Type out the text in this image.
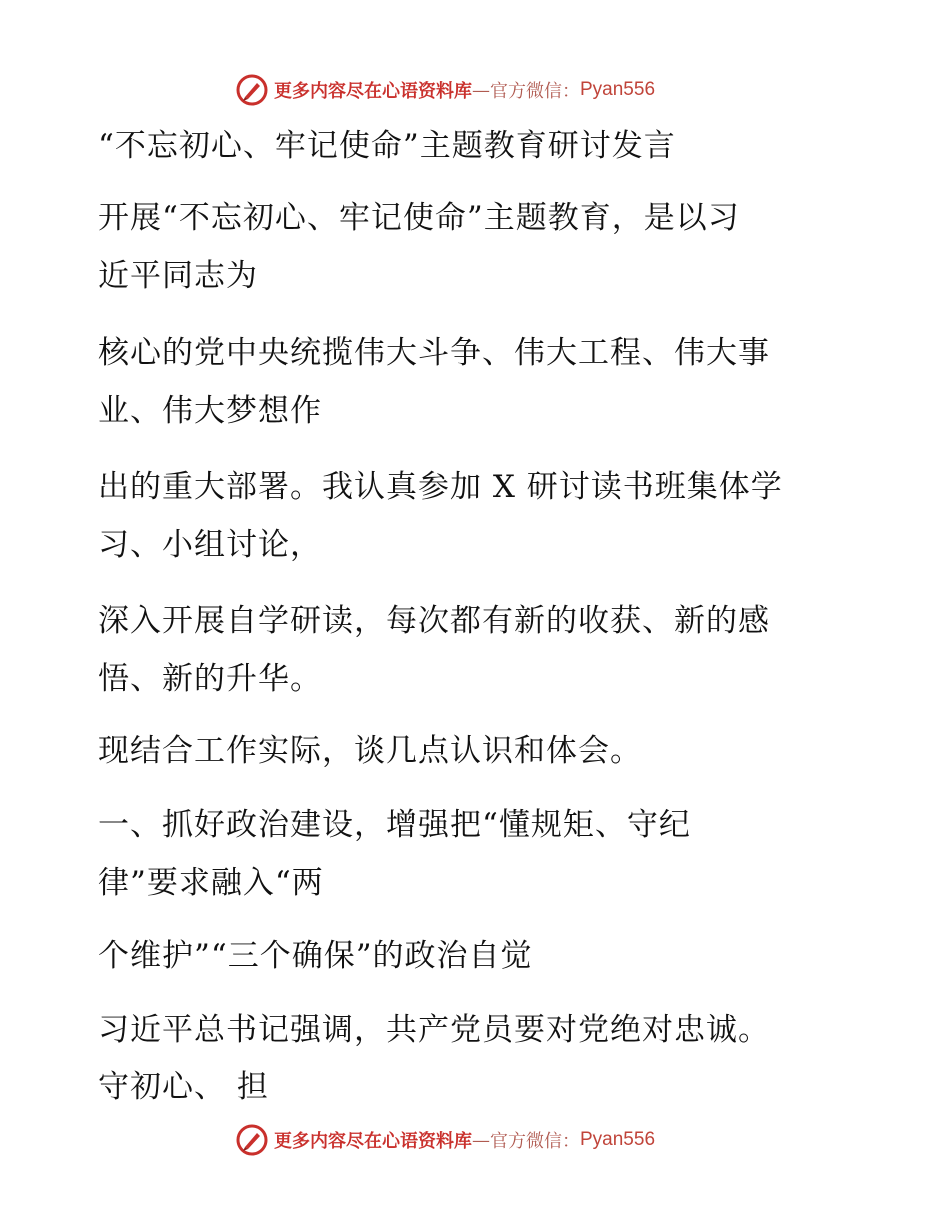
更多内容尽在心语资料库 — 官方微信： Pyan556
“不忘初心、牢记使命”主题教育研讨发言
开展“不忘初心、牢记使命”主题教育，是以习
近平同志为
核心的党中央统揽伟大斗争、伟大工程、伟大事
业、伟大梦想作
出的重大部署。我认真参加 X 研讨读书班集体学
习、小组讨论，
深入开展自学研读，每次都有新的收获、新的感
悟、新的升华。
现结合工作实际，谈几点认识和体会。
一、抓好政治建设，增强把“懂规矩、守纪
律”要求融入“两
个维护”“三个确保”的政治自觉
习近平总书记强调，共产党员要对党绝对忠诚。
守初心、 担
更多内容尽在心语资料库 — 官方微信： Pyan556
